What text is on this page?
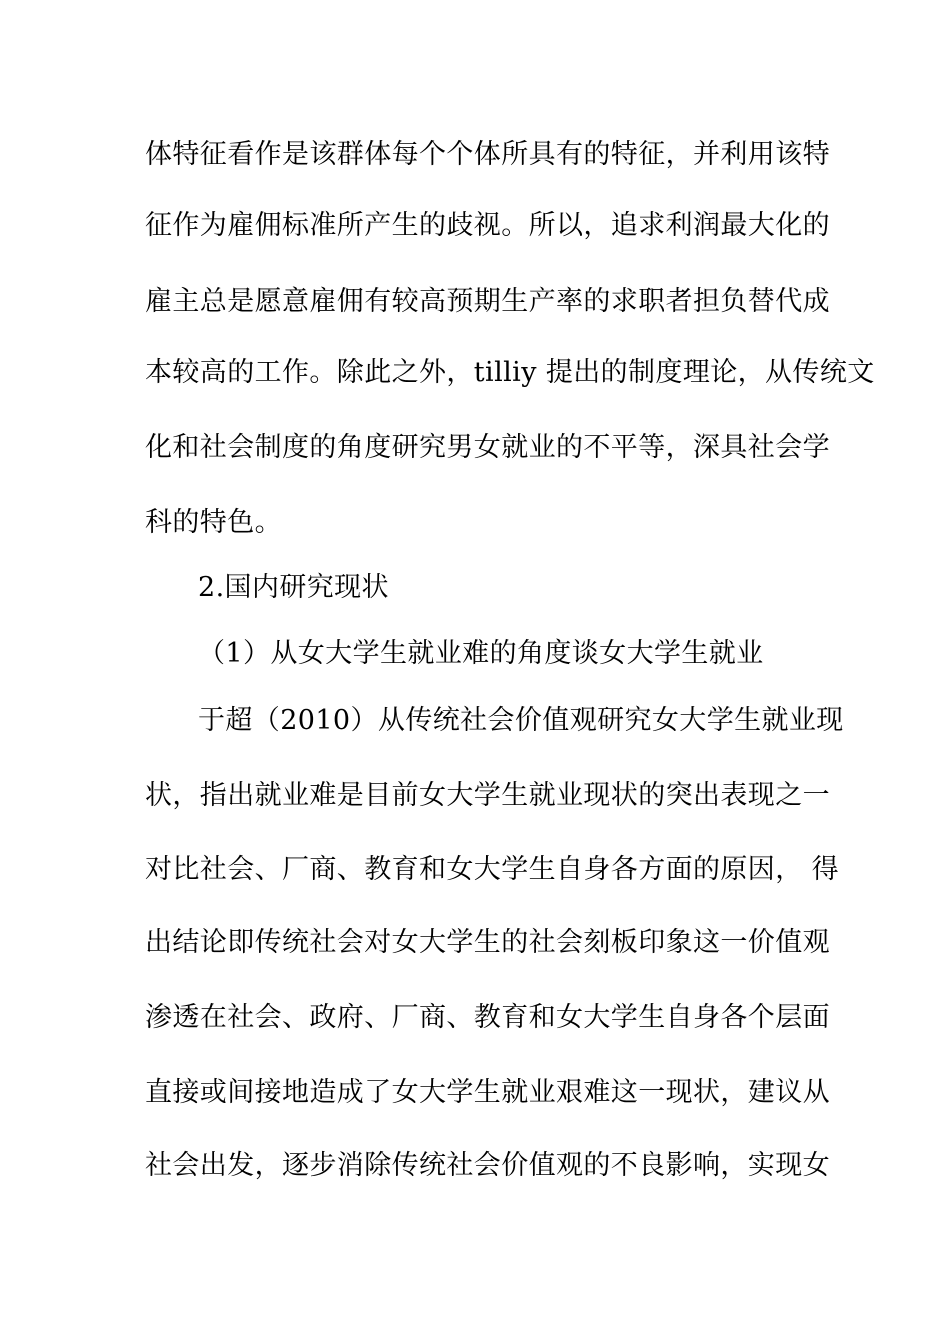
体特征看作是该群体每个个体所具有的特征，并利用该特
征作为雇佣标准所产生的歧视。所以，追求利润最大化的
雇主总是愿意雇佣有较高预期生产率的求职者担负替代成
本较高的工作。除此之外，tilliy 提出的制度理论，从传统文
化和社会制度的角度研究男女就业的不平等，深具社会学
科的特色。
2.国内研究现状
（1）从女大学生就业难的角度谈女大学生就业
于超（2010）从传统社会价值观研究女大学生就业现
状，指出就业难是目前女大学生就业现状的突出表现之一
对比社会、厂商、教育和女大学生自身各方面的原因， 得
出结论即传统社会对女大学生的社会刻板印象这一价值观
渗透在社会、政府、厂商、教育和女大学生自身各个层面
直接或间接地造成了女大学生就业艰难这一现状，建议从
社会出发，逐步消除传统社会价值观的不良影响，实现女
